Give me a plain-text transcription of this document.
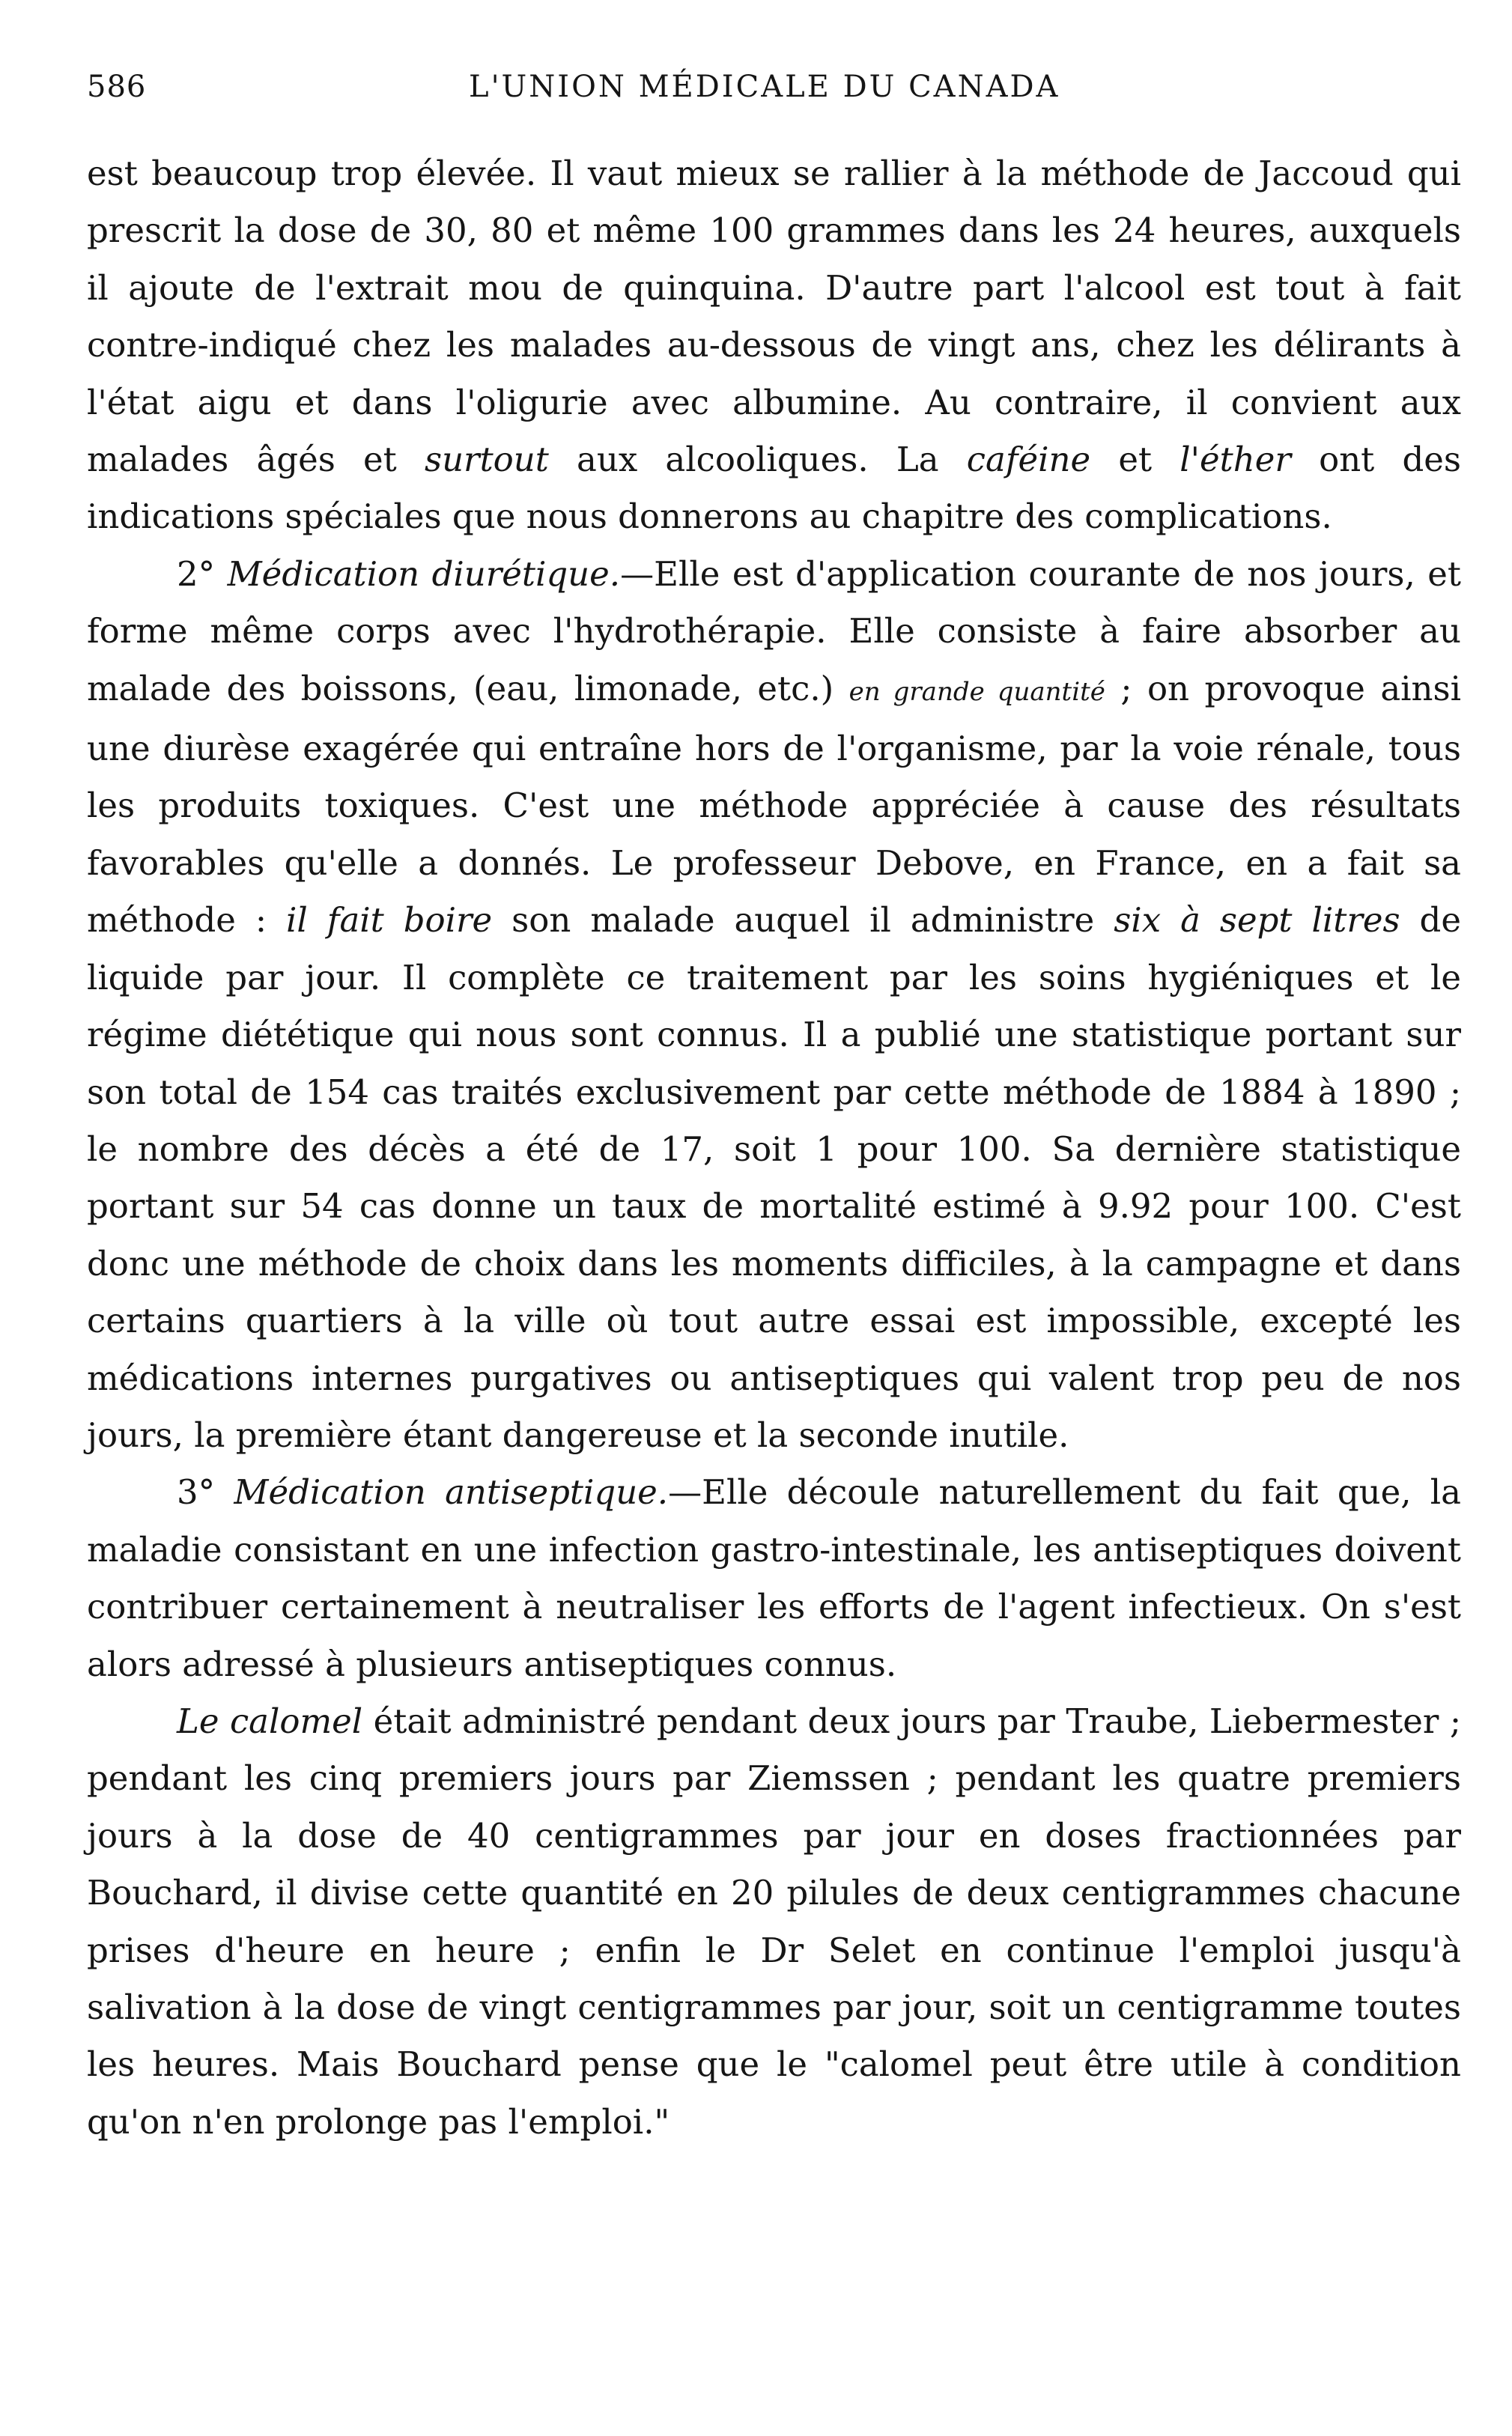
586	L'UNION MÉDICALE DU CANADA

est beaucoup trop élevée. Il vaut mieux se rallier à la méthode de Jaccoud qui prescrit la dose de 30, 80 et même 100 grammes dans les 24 heures, auxquels il ajoute de l'extrait mou de quinquina. D'autre part l'alcool est tout à fait contre-indiqué chez les malades au-dessous de vingt ans, chez les délirants à l'état aigu et dans l'oligurie avec albumine. Au contraire, il convient aux malades âgés et surtout aux alcooliques. La caféine et l'éther ont des indications spéciales que nous donnerons au chapitre des complications.

2° Médication diurétique.—Elle est d'application courante de nos jours, et forme même corps avec l'hydrothérapie. Elle consiste à faire absorber au malade des boissons, (eau, limonade, etc.) en grande quantité ; on provoque ainsi une diurèse exagérée qui entraîne hors de l'organisme, par la voie rénale, tous les produits toxiques. C'est une méthode appréciée à cause des résultats favorables qu'elle a donnés. Le professeur Debove, en France, en a fait sa méthode : il fait boire son malade auquel il administre six à sept litres de liquide par jour. Il complète ce traitement par les soins hygiéniques et le régime diététique qui nous sont connus. Il a publié une statistique portant sur son total de 154 cas traités exclusivement par cette méthode de 1884 à 1890 ; le nombre des décès a été de 17, soit 1 pour 100. Sa dernière statistique portant sur 54 cas donne un taux de mortalité estimé à 9.92 pour 100. C'est donc une méthode de choix dans les moments difficiles, à la campagne et dans certains quartiers à la ville où tout autre essai est impossible, excepté les médications internes purgatives ou antiseptiques qui valent trop peu de nos jours, la première étant dangereuse et la seconde inutile.

3° Médication antiseptique.—Elle découle naturellement du fait que, la maladie consistant en une infection gastro-intestinale, les antiseptiques doivent contribuer certainement à neutraliser les efforts de l'agent infectieux. On s'est alors adressé à plusieurs antiseptiques connus.

Le calomel était administré pendant deux jours par Traube, Liebermester ; pendant les cinq premiers jours par Ziemssen ; pendant les quatre premiers jours à la dose de 40 centigrammes par jour en doses fractionnées par Bouchard, il divise cette quantité en 20 pilules de deux centigrammes chacune prises d'heure en heure ; enfin le Dr Selet en continue l'emploi jusqu'à salivation à la dose de vingt centigrammes par jour, soit un centigramme toutes les heures. Mais Bouchard pense que le "calomel peut être utile à condition qu'on n'en prolonge pas l'emploi."
